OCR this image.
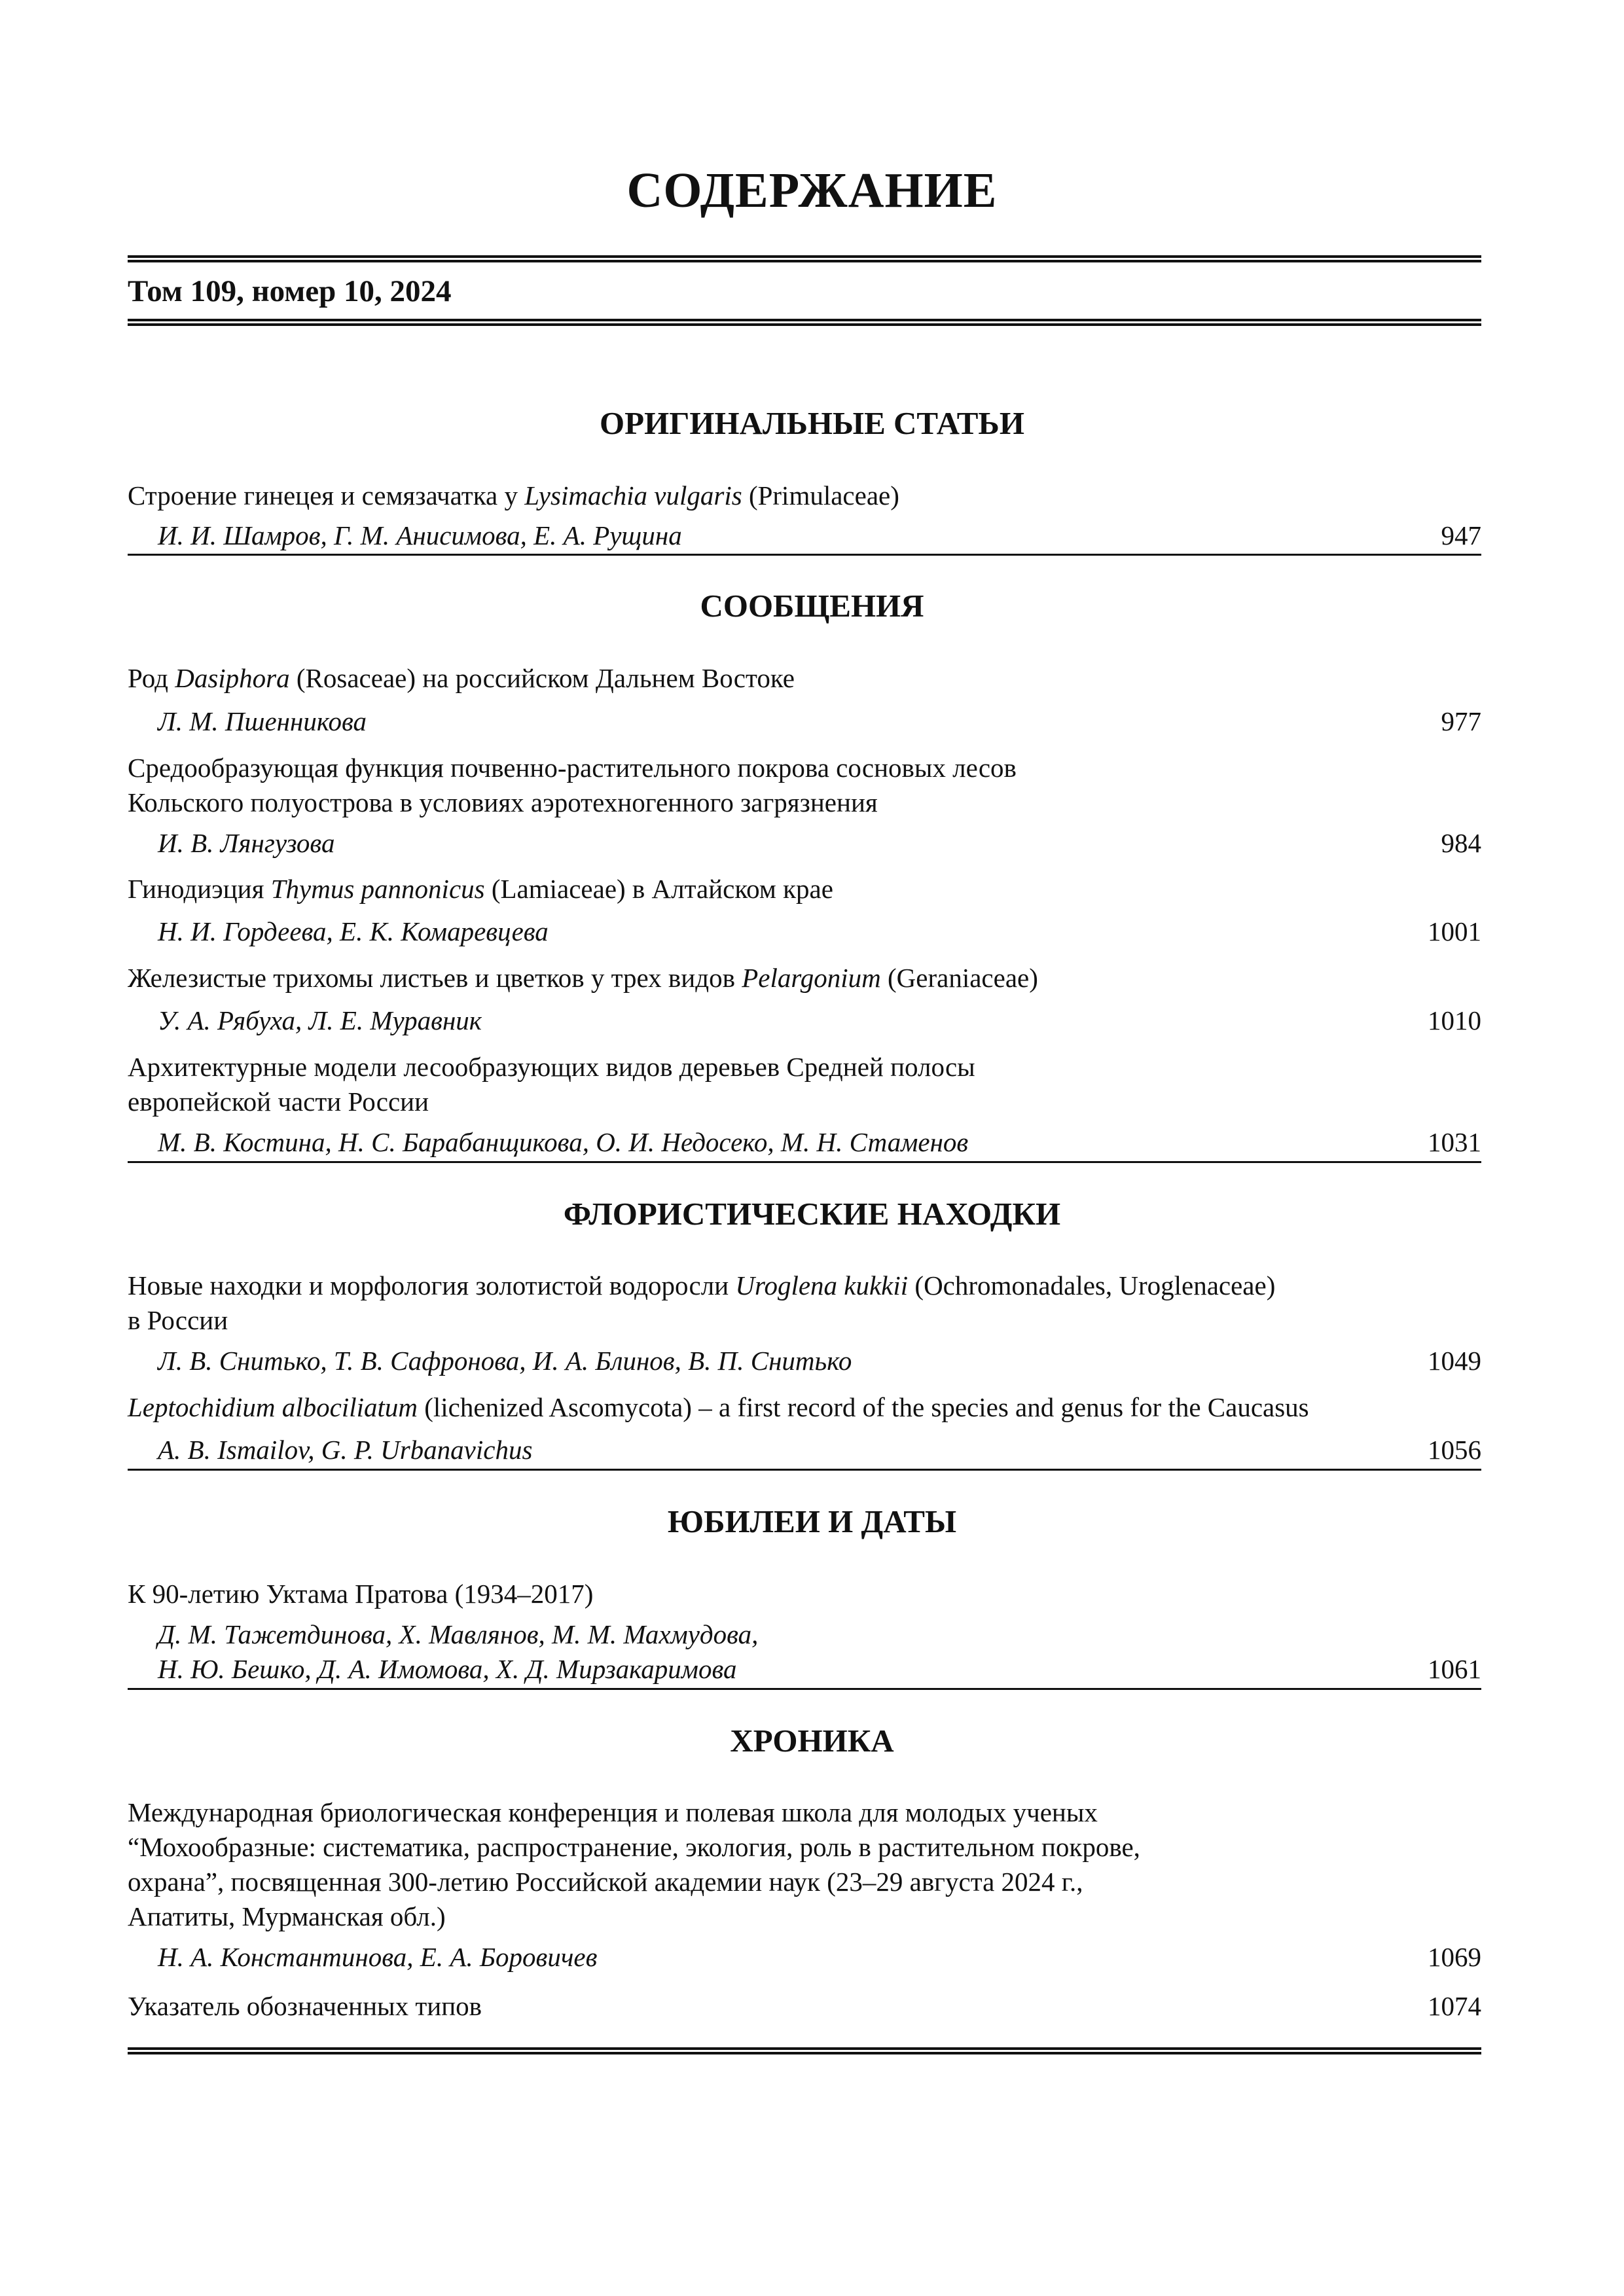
СОДЕРЖАНИЕ
Том 109, номер 10, 2024
ОРИГИНАЛЬНЫЕ СТАТЬИ
Строение гинецея и семязачатка у Lysimachia vulgaris (Primulaceae)
И. И. Шамров, Г. М. Анисимова, Е. А. Рущина	947
СООБЩЕНИЯ
Род Dasiphora (Rosaceae) на российском Дальнем Востоке
Л. М. Пшенникова	977
Средообразующая функция почвенно-растительного покрова сосновых лесов
Кольского полуострова в условиях аэротехногенного загрязнения
И. В. Лянгузова	984
Гинодиэция Thymus pannonicus (Lamiaceae) в Алтайском крае
Н. И. Гордеева, Е. К. Комаревцева	1001
Железистые трихомы листьев и цветков у трех видов Pelargonium (Geraniaceae)
У. А. Рябуха, Л. Е. Муравник	1010
Архитектурные модели лесообразующих видов деревьев Средней полосы
европейской части России
М. В. Костина, Н. С. Барабанщикова, О. И. Недосеко, М. Н. Стаменов	1031
ФЛОРИСТИЧЕСКИЕ НАХОДКИ
Новые находки и морфология золотистой водоросли Uroglena kukkii (Ochromonadales, Uroglenaceae)
в России
Л. В. Снитько, Т. В. Сафронова, И. А. Блинов, В. П. Снитько	1049
Leptochidium albociliatum (lichenized Ascomycota) – a first record of the species and genus for the Caucasus
A. B. Ismailov, G. P. Urbanavichus	1056
ЮБИЛЕИ И ДАТЫ
К 90-летию Уктама Пратова (1934–2017)
Д. М. Тажетдинова, Х. Мавлянов, М. М. Махмудова,
Н. Ю. Бешко, Д. А. Имомова, Х. Д. Мирзакаримова	1061
ХРОНИКА
Международная бриологическая конференция и полевая школа для молодых ученых
“Мохообразные: систематика, распространение, экология, роль в растительном покрове,
охрана”, посвященная 300-летию Российской академии наук (23–29 августа 2024 г.,
Апатиты, Мурманская обл.)
Н. А. Константинова, Е. А. Боровичев	1069
Указатель обозначенных типов	1074
